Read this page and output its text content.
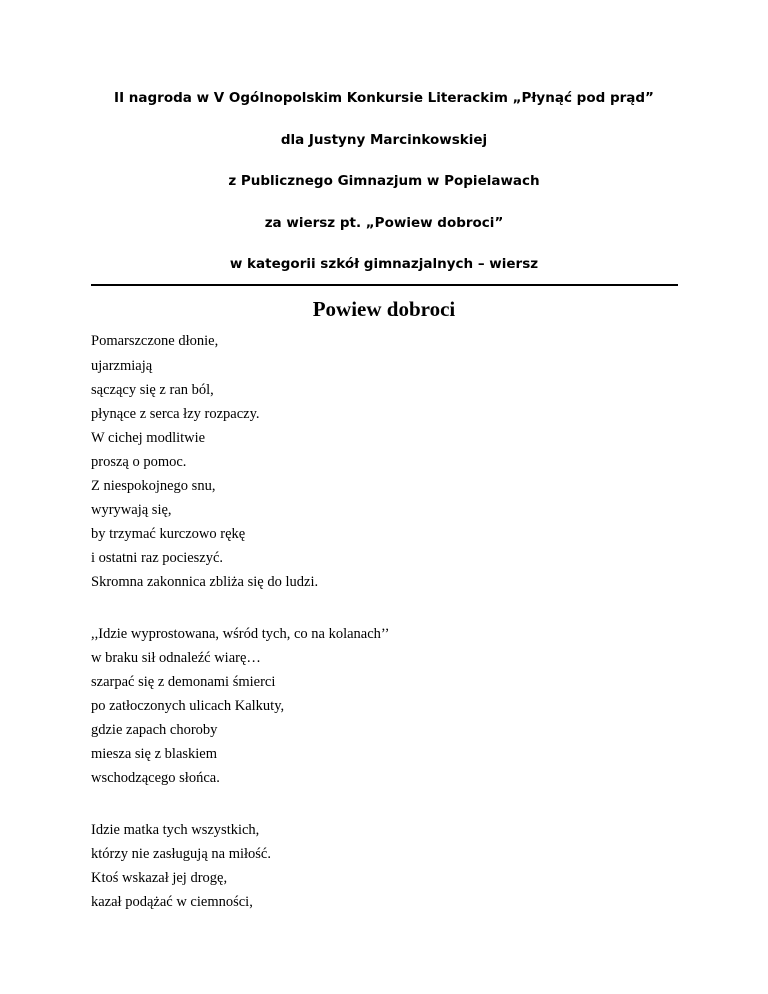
II nagroda w V Ogólnopolskim Konkursie Literackim „Płynąć pod prąd”
dla Justyny Marcinkowskiej
z Publicznego Gimnazjum w Popielawach
za wiersz pt. „Powiew dobroci”
w kategorii szkół gimnazjalnych – wiersz
Powiew dobroci
Pomarszczone dłonie,
ujarzmiają
sączący się z ran ból,
płynące z serca łzy rozpaczy.
W cichej modlitwie
proszą o pomoc.
Z niespokojnego snu,
wyrywają się,
by trzymać kurczowo rękę
i ostatni raz pocieszyć.
Skromna zakonnica zbliża się do ludzi.
,,Idzie wyprostowana, wśród tych, co na kolanach’’
w braku sił odnaleźć wiarę…
szarpać się z demonami śmierci
po zatłoczonych ulicach Kalkuty,
gdzie zapach choroby
miesza się z blaskiem
wschodzącego słońca.
Idzie matka tych wszystkich,
którzy nie zasługują na miłość.
Ktoś wskazał jej drogę,
kazał podążać w ciemności,
